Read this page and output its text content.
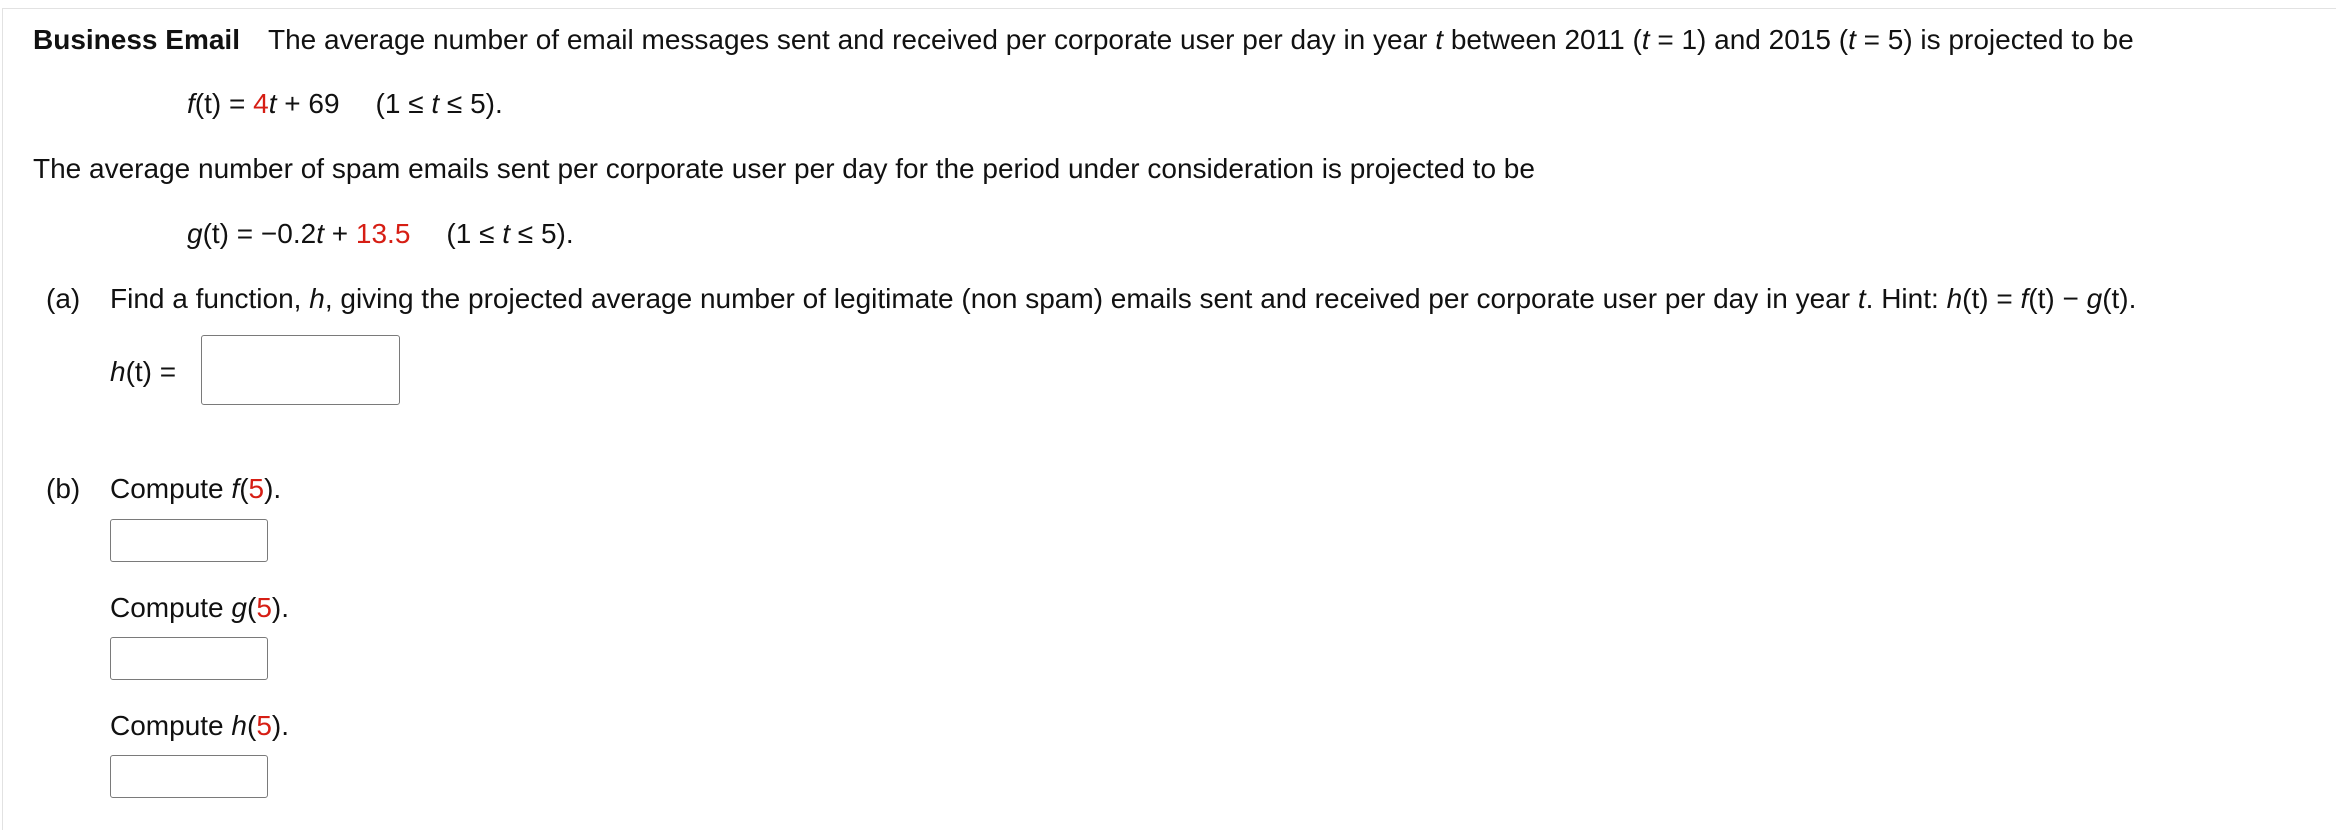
Business Email The average number of email messages sent and received per corporate user per day in year t between 2011 (t = 1) and 2015 (t = 5) is projected to be
f(t) = 4t + 69 (1 ≤ t ≤ 5).
The average number of spam emails sent per corporate user per day for the period under consideration is projected to be
g(t) = −0.2t + 13.5 (1 ≤ t ≤ 5).
(a) Find a function, h, giving the projected average number of legitimate (non spam) emails sent and received per corporate user per day in year t. Hint: h(t) = f(t) − g(t).
h(t) =
(b) Compute f(5).
Compute g(5).
Compute h(5).
